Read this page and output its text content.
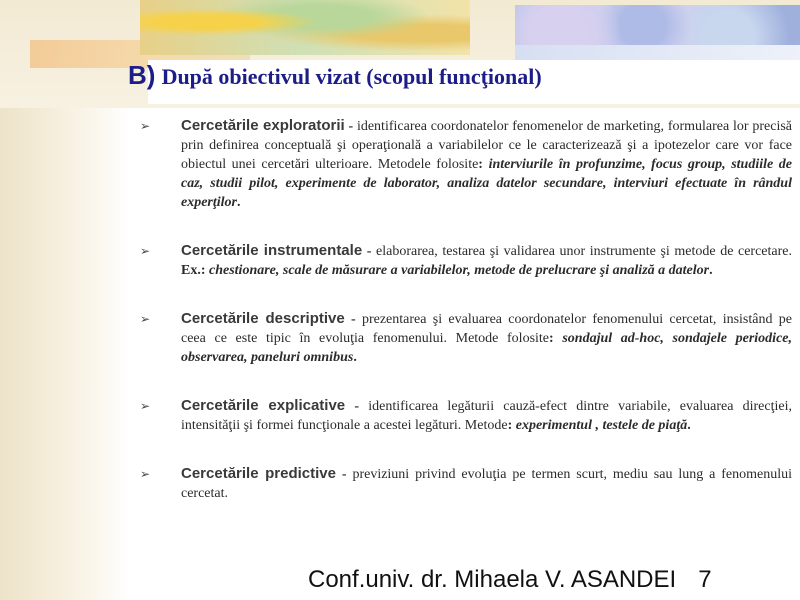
B) După obiectivul vizat (scopul funcţional)
➢ Cercetările exploratorii - identificarea coordonatelor fenomenelor de marketing, formularea lor precisă prin definirea conceptuală şi operaţională a variabilelor ce le caracterizează şi a ipotezelor care vor face obiectul unei cercetări ulterioare. Metodele folosite: interviurile în profunzime, focus group, studiile de caz, studii pilot, experimente de laborator, analiza datelor secundare, interviuri efectuate în rândul experţilor.
➢ Cercetările instrumentale - elaborarea, testarea şi validarea unor instrumente şi metode de cercetare. Ex.: chestionare, scale de măsurare a variabilelor, metode de prelucrare şi analiză a datelor.
➢ Cercetările descriptive - prezentarea şi evaluarea coordonatelor fenomenului cercetat, insistând pe ceea ce este tipic în evoluţia fenomenului. Metode folosite: sondajul ad-hoc, sondajele periodice, observarea, paneluri omnibus.
➢ Cercetările explicative - identificarea legăturii cauză-efect dintre variabile, evaluarea direcţiei, intensităţii şi formei funcţionale a acestei legături. Metode: experimentul , testele de piaţă.
➢ Cercetările predictive - previziuni privind evoluţia pe termen scurt, mediu sau lung a fenomenului cercetat.
Conf.univ. dr. Mihaela V. ASANDEI 7
